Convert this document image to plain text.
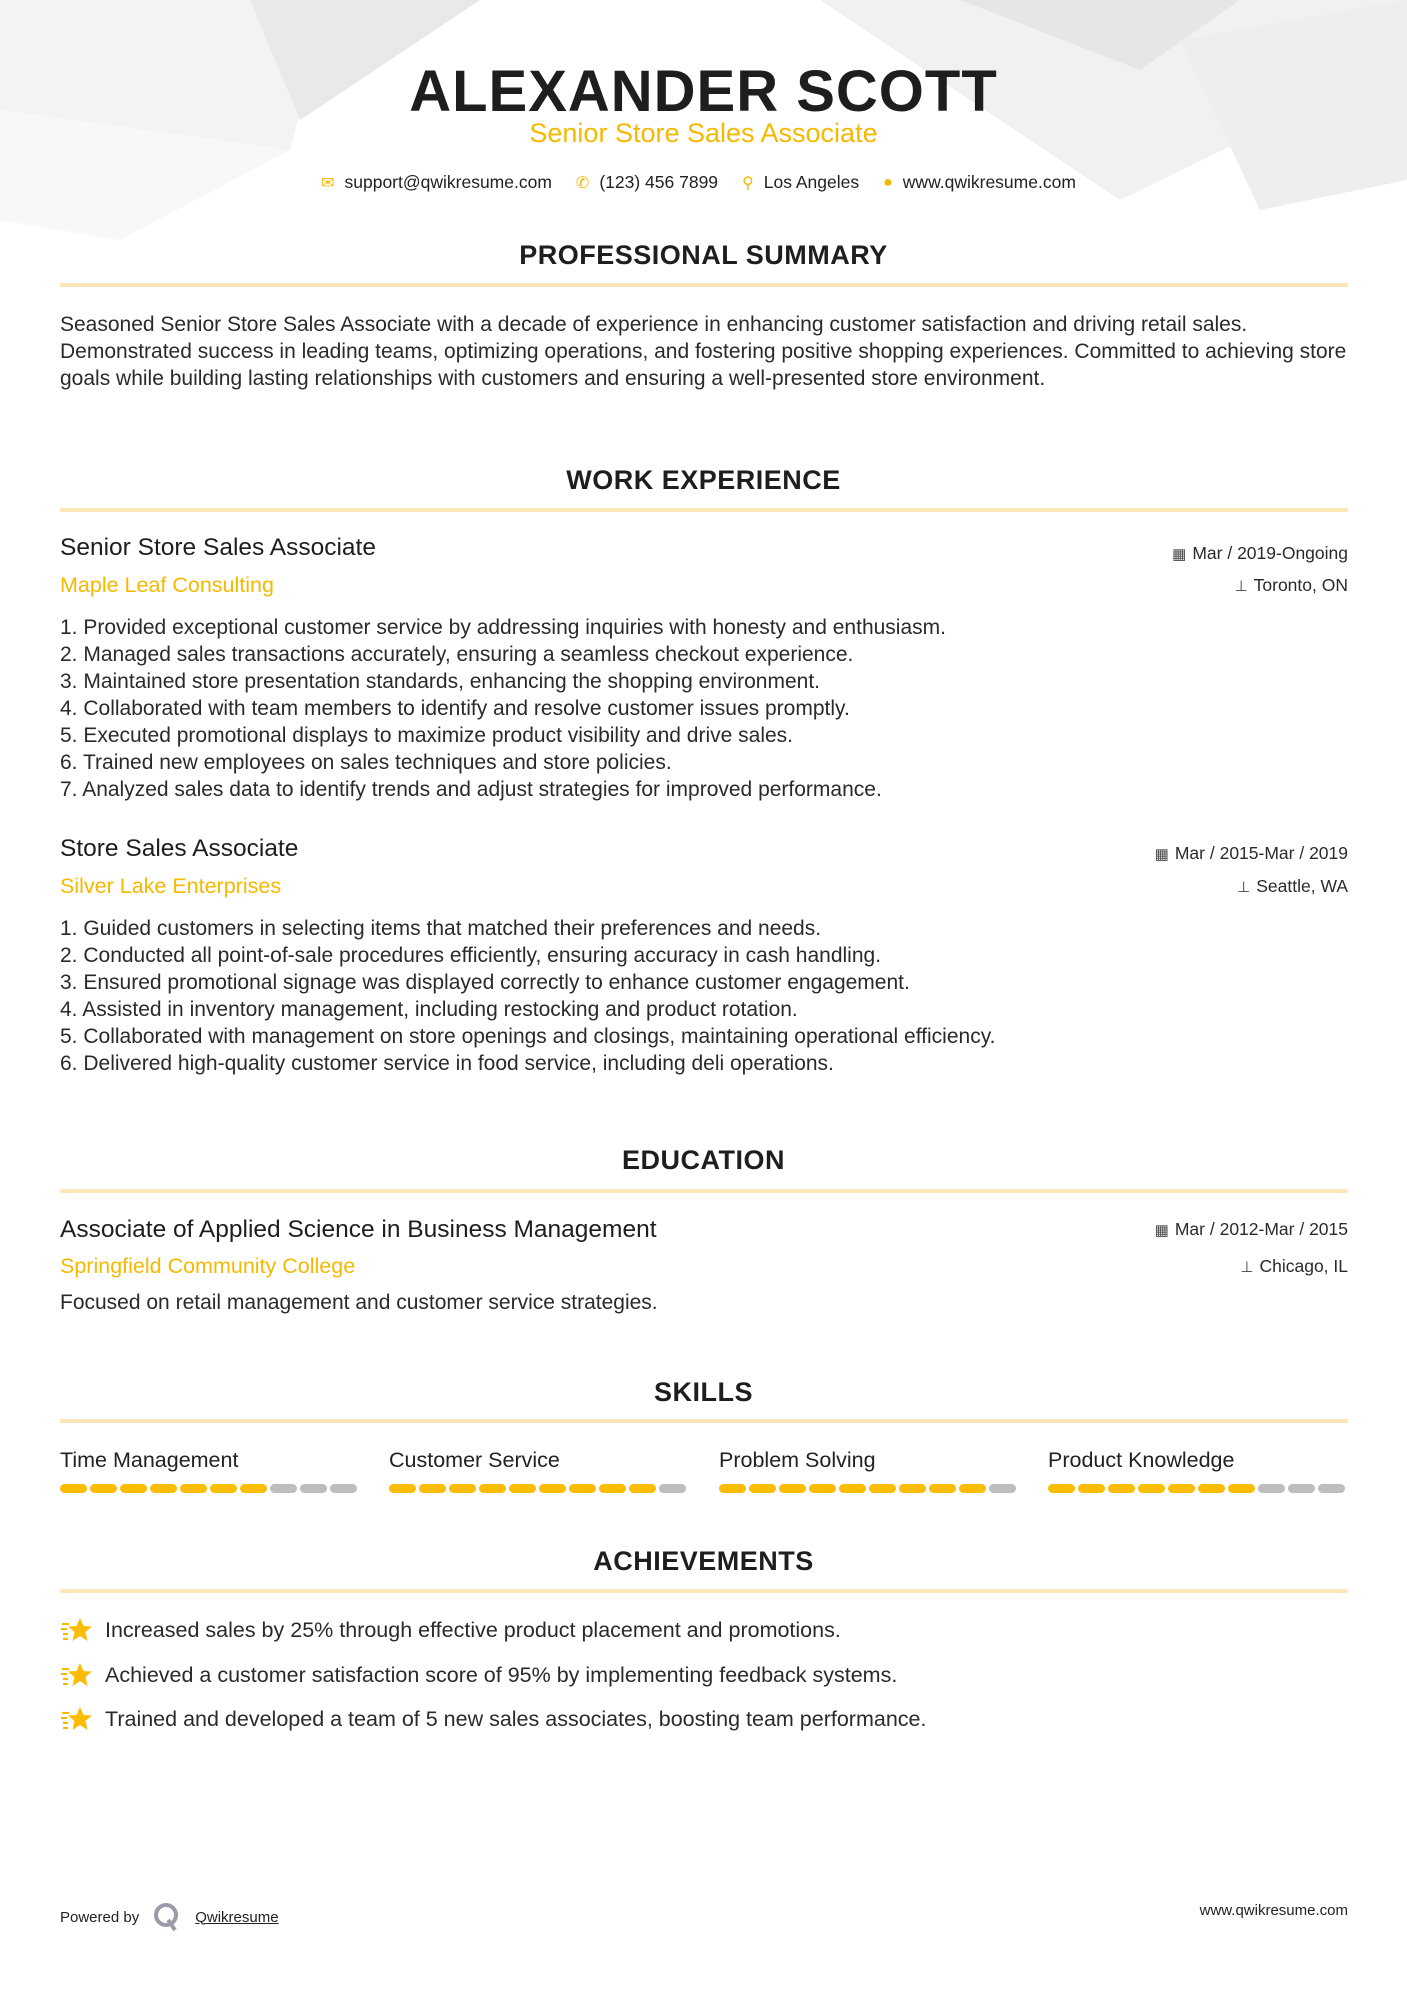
ALEXANDER SCOTT
Senior Store Sales Associate
✉ support@qwikresume.com ✆ (123) 456 7899 ⚲ Los Angeles ● www.qwikresume.com
PROFESSIONAL SUMMARY
Seasoned Senior Store Sales Associate with a decade of experience in enhancing customer satisfaction and driving retail sales. Demonstrated success in leading teams, optimizing operations, and fostering positive shopping experiences. Committed to achieving store goals while building lasting relationships with customers and ensuring a well-presented store environment.
WORK EXPERIENCE
Senior Store Sales Associate
Maple Leaf Consulting
▦ Mar / 2019-Ongoing
⊥ Toronto, ON
1. Provided exceptional customer service by addressing inquiries with honesty and enthusiasm.
2. Managed sales transactions accurately, ensuring a seamless checkout experience.
3. Maintained store presentation standards, enhancing the shopping environment.
4. Collaborated with team members to identify and resolve customer issues promptly.
5. Executed promotional displays to maximize product visibility and drive sales.
6. Trained new employees on sales techniques and store policies.
7. Analyzed sales data to identify trends and adjust strategies for improved performance.
Store Sales Associate
Silver Lake Enterprises
▦ Mar / 2015-Mar / 2019
⊥ Seattle, WA
1. Guided customers in selecting items that matched their preferences and needs.
2. Conducted all point-of-sale procedures efficiently, ensuring accuracy in cash handling.
3. Ensured promotional signage was displayed correctly to enhance customer engagement.
4. Assisted in inventory management, including restocking and product rotation.
5. Collaborated with management on store openings and closings, maintaining operational efficiency.
6. Delivered high-quality customer service in food service, including deli operations.
EDUCATION
Associate of Applied Science in Business Management
Springfield Community College
▦ Mar / 2012-Mar / 2015
⊥ Chicago, IL
Focused on retail management and customer service strategies.
SKILLS
Time Management	Customer Service	Problem Solving	Product Knowledge
ACHIEVEMENTS
Increased sales by 25% through effective product placement and promotions.
Achieved a customer satisfaction score of 95% by implementing feedback systems.
Trained and developed a team of 5 new sales associates, boosting team performance.
Powered by	Qwikresume	www.qwikresume.com
